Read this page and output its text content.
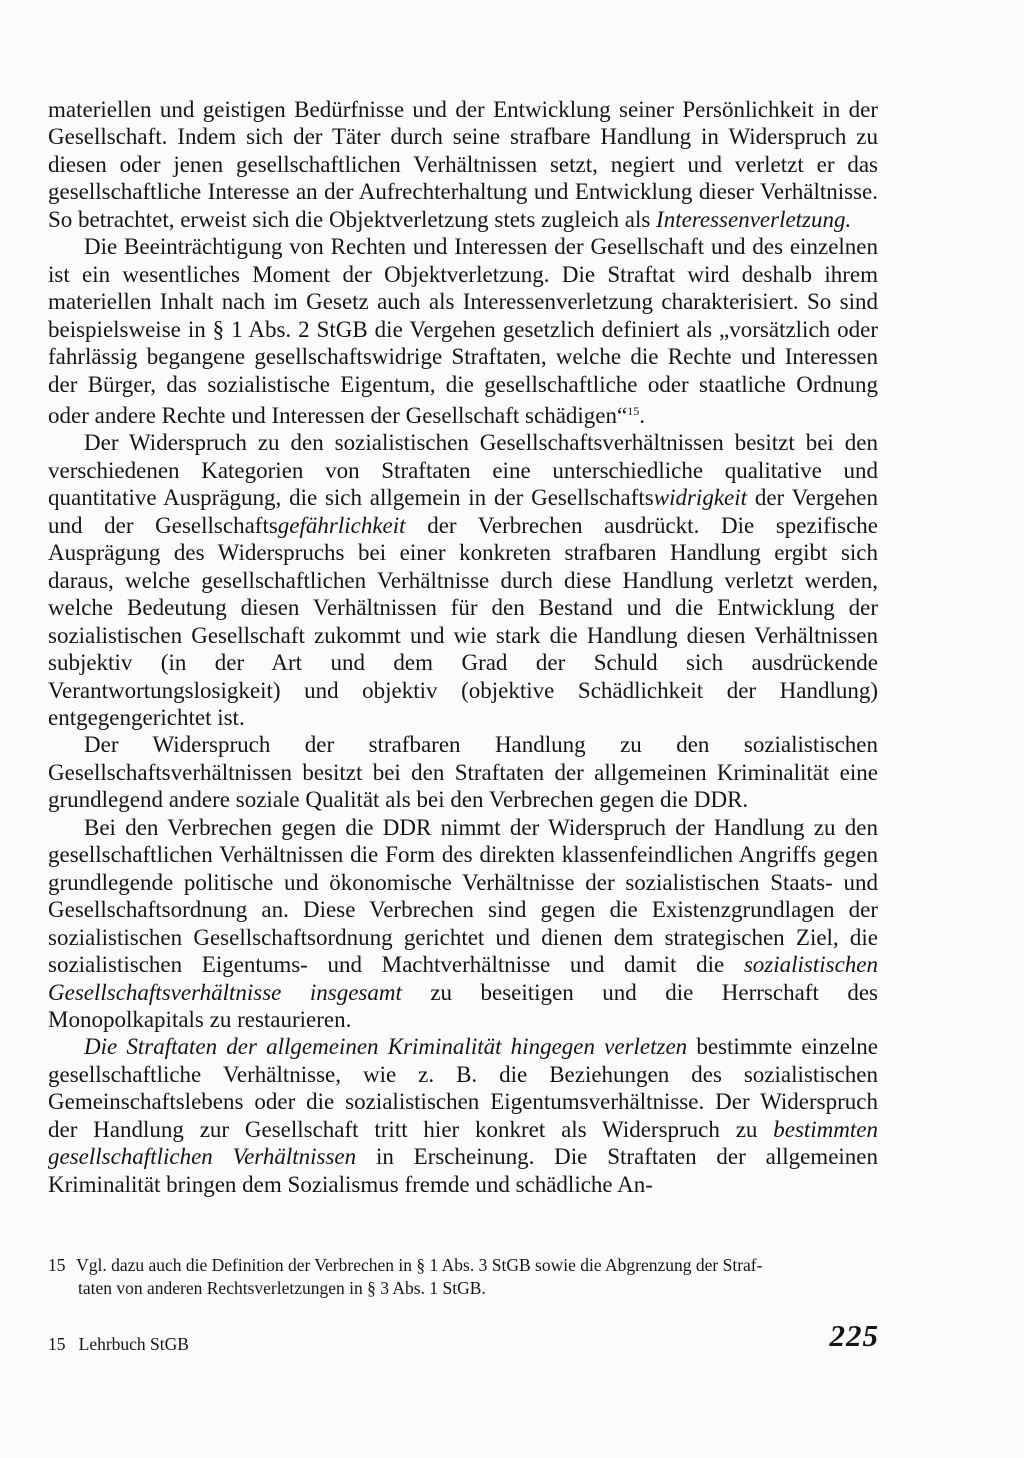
materiellen und geistigen Bedürfnisse und der Entwicklung seiner Persönlichkeit in der Gesellschaft. Indem sich der Täter durch seine strafbare Handlung in Widerspruch zu diesen oder jenen gesellschaftlichen Verhältnissen setzt, negiert und verletzt er das gesellschaftliche Interesse an der Aufrechterhaltung und Entwicklung dieser Verhältnisse. So betrachtet, erweist sich die Objektverletzung stets zugleich als Interessenverletzung.

Die Beeinträchtigung von Rechten und Interessen der Gesellschaft und des einzelnen ist ein wesentliches Moment der Objektverletzung. Die Straftat wird deshalb ihrem materiellen Inhalt nach im Gesetz auch als Interessenverletzung charakterisiert. So sind beispielsweise in § 1 Abs. 2 StGB die Vergehen gesetzlich definiert als „vorsätzlich oder fahrlässig begangene gesellschaftswidrige Straftaten, welche die Rechte und Interessen der Bürger, das sozialistische Eigentum, die gesellschaftliche oder staatliche Ordnung oder andere Rechte und Interessen der Gesellschaft schädigen“$^{15}$.

Der Widerspruch zu den sozialistischen Gesellschaftsverhältnissen besitzt bei den verschiedenen Kategorien von Straftaten eine unterschiedliche qualitative und quantitative Ausprägung, die sich allgemein in der Gesellschaftswidrigkeit der Vergehen und der Gesellschaftsgefährlichkeit der Verbrechen ausdrückt. Die spezifische Ausprägung des Widerspruchs bei einer konkreten strafbaren Handlung ergibt sich daraus, welche gesellschaftlichen Verhältnisse durch diese Handlung verletzt werden, welche Bedeutung diesen Verhältnissen für den Bestand und die Entwicklung der sozialistischen Gesellschaft zukommt und wie stark die Handlung diesen Verhältnissen subjektiv (in der Art und dem Grad der Schuld sich ausdrückende Verantwortungslosigkeit) und objektiv (objektive Schädlichkeit der Handlung) entgegengerichtet ist.

Der Widerspruch der strafbaren Handlung zu den sozialistischen Gesellschaftsverhältnissen besitzt bei den Straftaten der allgemeinen Kriminalität eine grundlegend andere soziale Qualität als bei den Verbrechen gegen die DDR.

Bei den Verbrechen gegen die DDR nimmt der Widerspruch der Handlung zu den gesellschaftlichen Verhältnissen die Form des direkten klassenfeindlichen Angriffs gegen grundlegende politische und ökonomische Verhältnisse der sozialistischen Staats- und Gesellschaftsordnung an. Diese Verbrechen sind gegen die Existenzgrundlagen der sozialistischen Gesellschaftsordnung gerichtet und dienen dem strategischen Ziel, die sozialistischen Eigentums- und Machtverhältnisse und damit die sozialistischen Gesellschaftsverhältnisse insgesamt zu beseitigen und die Herrschaft des Monopolkapitals zu restaurieren.

Die Straftaten der allgemeinen Kriminalität hingegen verletzen bestimmte einzelne gesellschaftliche Verhältnisse, wie z. B. die Beziehungen des sozialistischen Gemeinschaftslebens oder die sozialistischen Eigentumsverhältnisse. Der Widerspruch der Handlung zur Gesellschaft tritt hier konkret als Widerspruch zu bestimmten gesellschaftlichen Verhältnissen in Erscheinung. Die Straftaten der allgemeinen Kriminalität bringen dem Sozialismus fremde und schädliche An-

15 Vgl. dazu auch die Definition der Verbrechen in § 1 Abs. 3 StGB sowie die Abgrenzung der Straf-
taten von anderen Rechtsverletzungen in § 3 Abs. 1 StGB.
15   Lehrbuch StGB	225
